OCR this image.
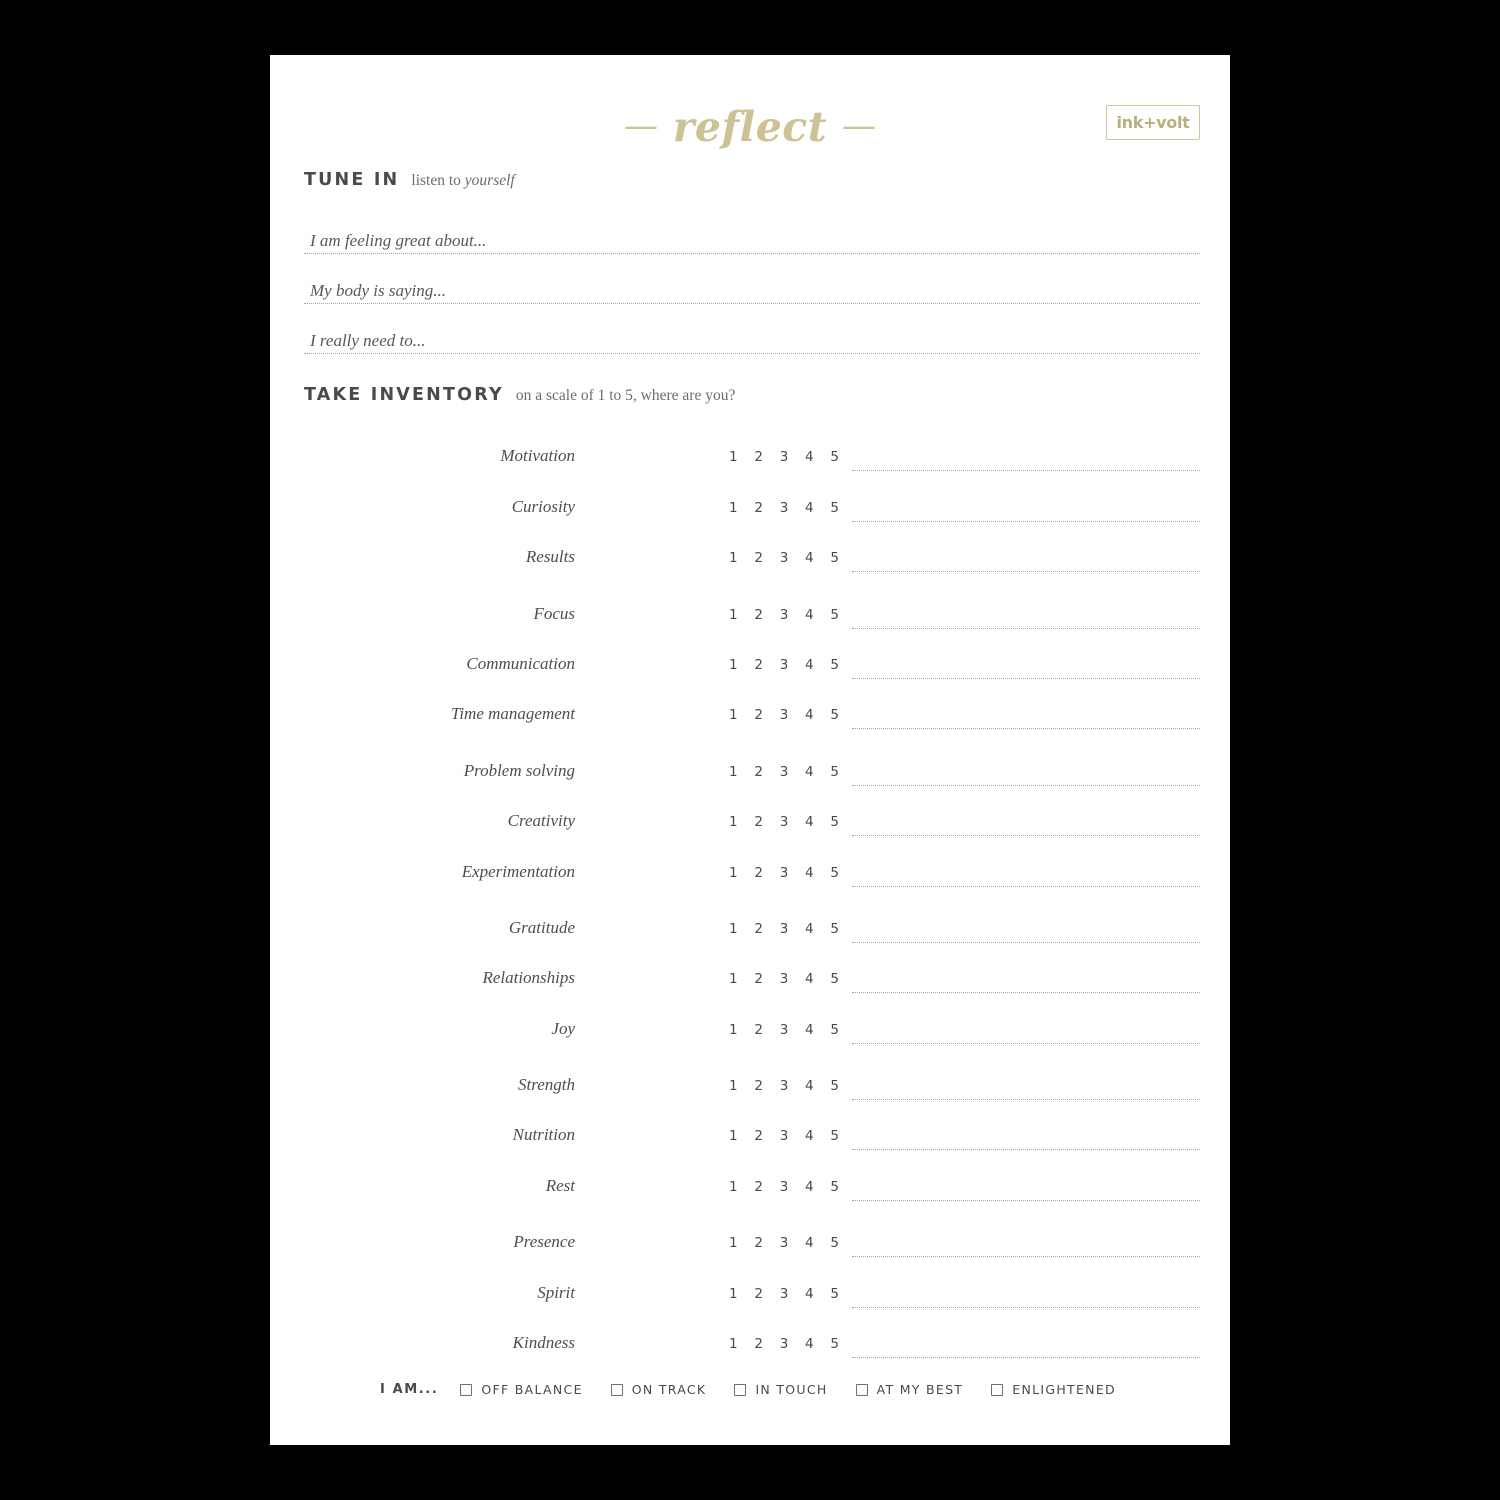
— reflect —	ink+volt
TUNE IN listen to yourself
I am feeling great about...
My body is saying...
I really need to...
TAKE INVENTORY on a scale of 1 to 5, where are you?
Motivation	1 2 3 4 5
Curiosity	1 2 3 4 5
Results	1 2 3 4 5
Focus	1 2 3 4 5
Communication	1 2 3 4 5
Time management	1 2 3 4 5
Problem solving	1 2 3 4 5
Creativity	1 2 3 4 5
Experimentation	1 2 3 4 5
Gratitude	1 2 3 4 5
Relationships	1 2 3 4 5
Joy	1 2 3 4 5
Strength	1 2 3 4 5
Nutrition	1 2 3 4 5
Rest	1 2 3 4 5
Presence	1 2 3 4 5
Spirit	1 2 3 4 5
Kindness	1 2 3 4 5
I AM...	OFF BALANCE	ON TRACK	IN TOUCH	AT MY BEST	ENLIGHTENED
